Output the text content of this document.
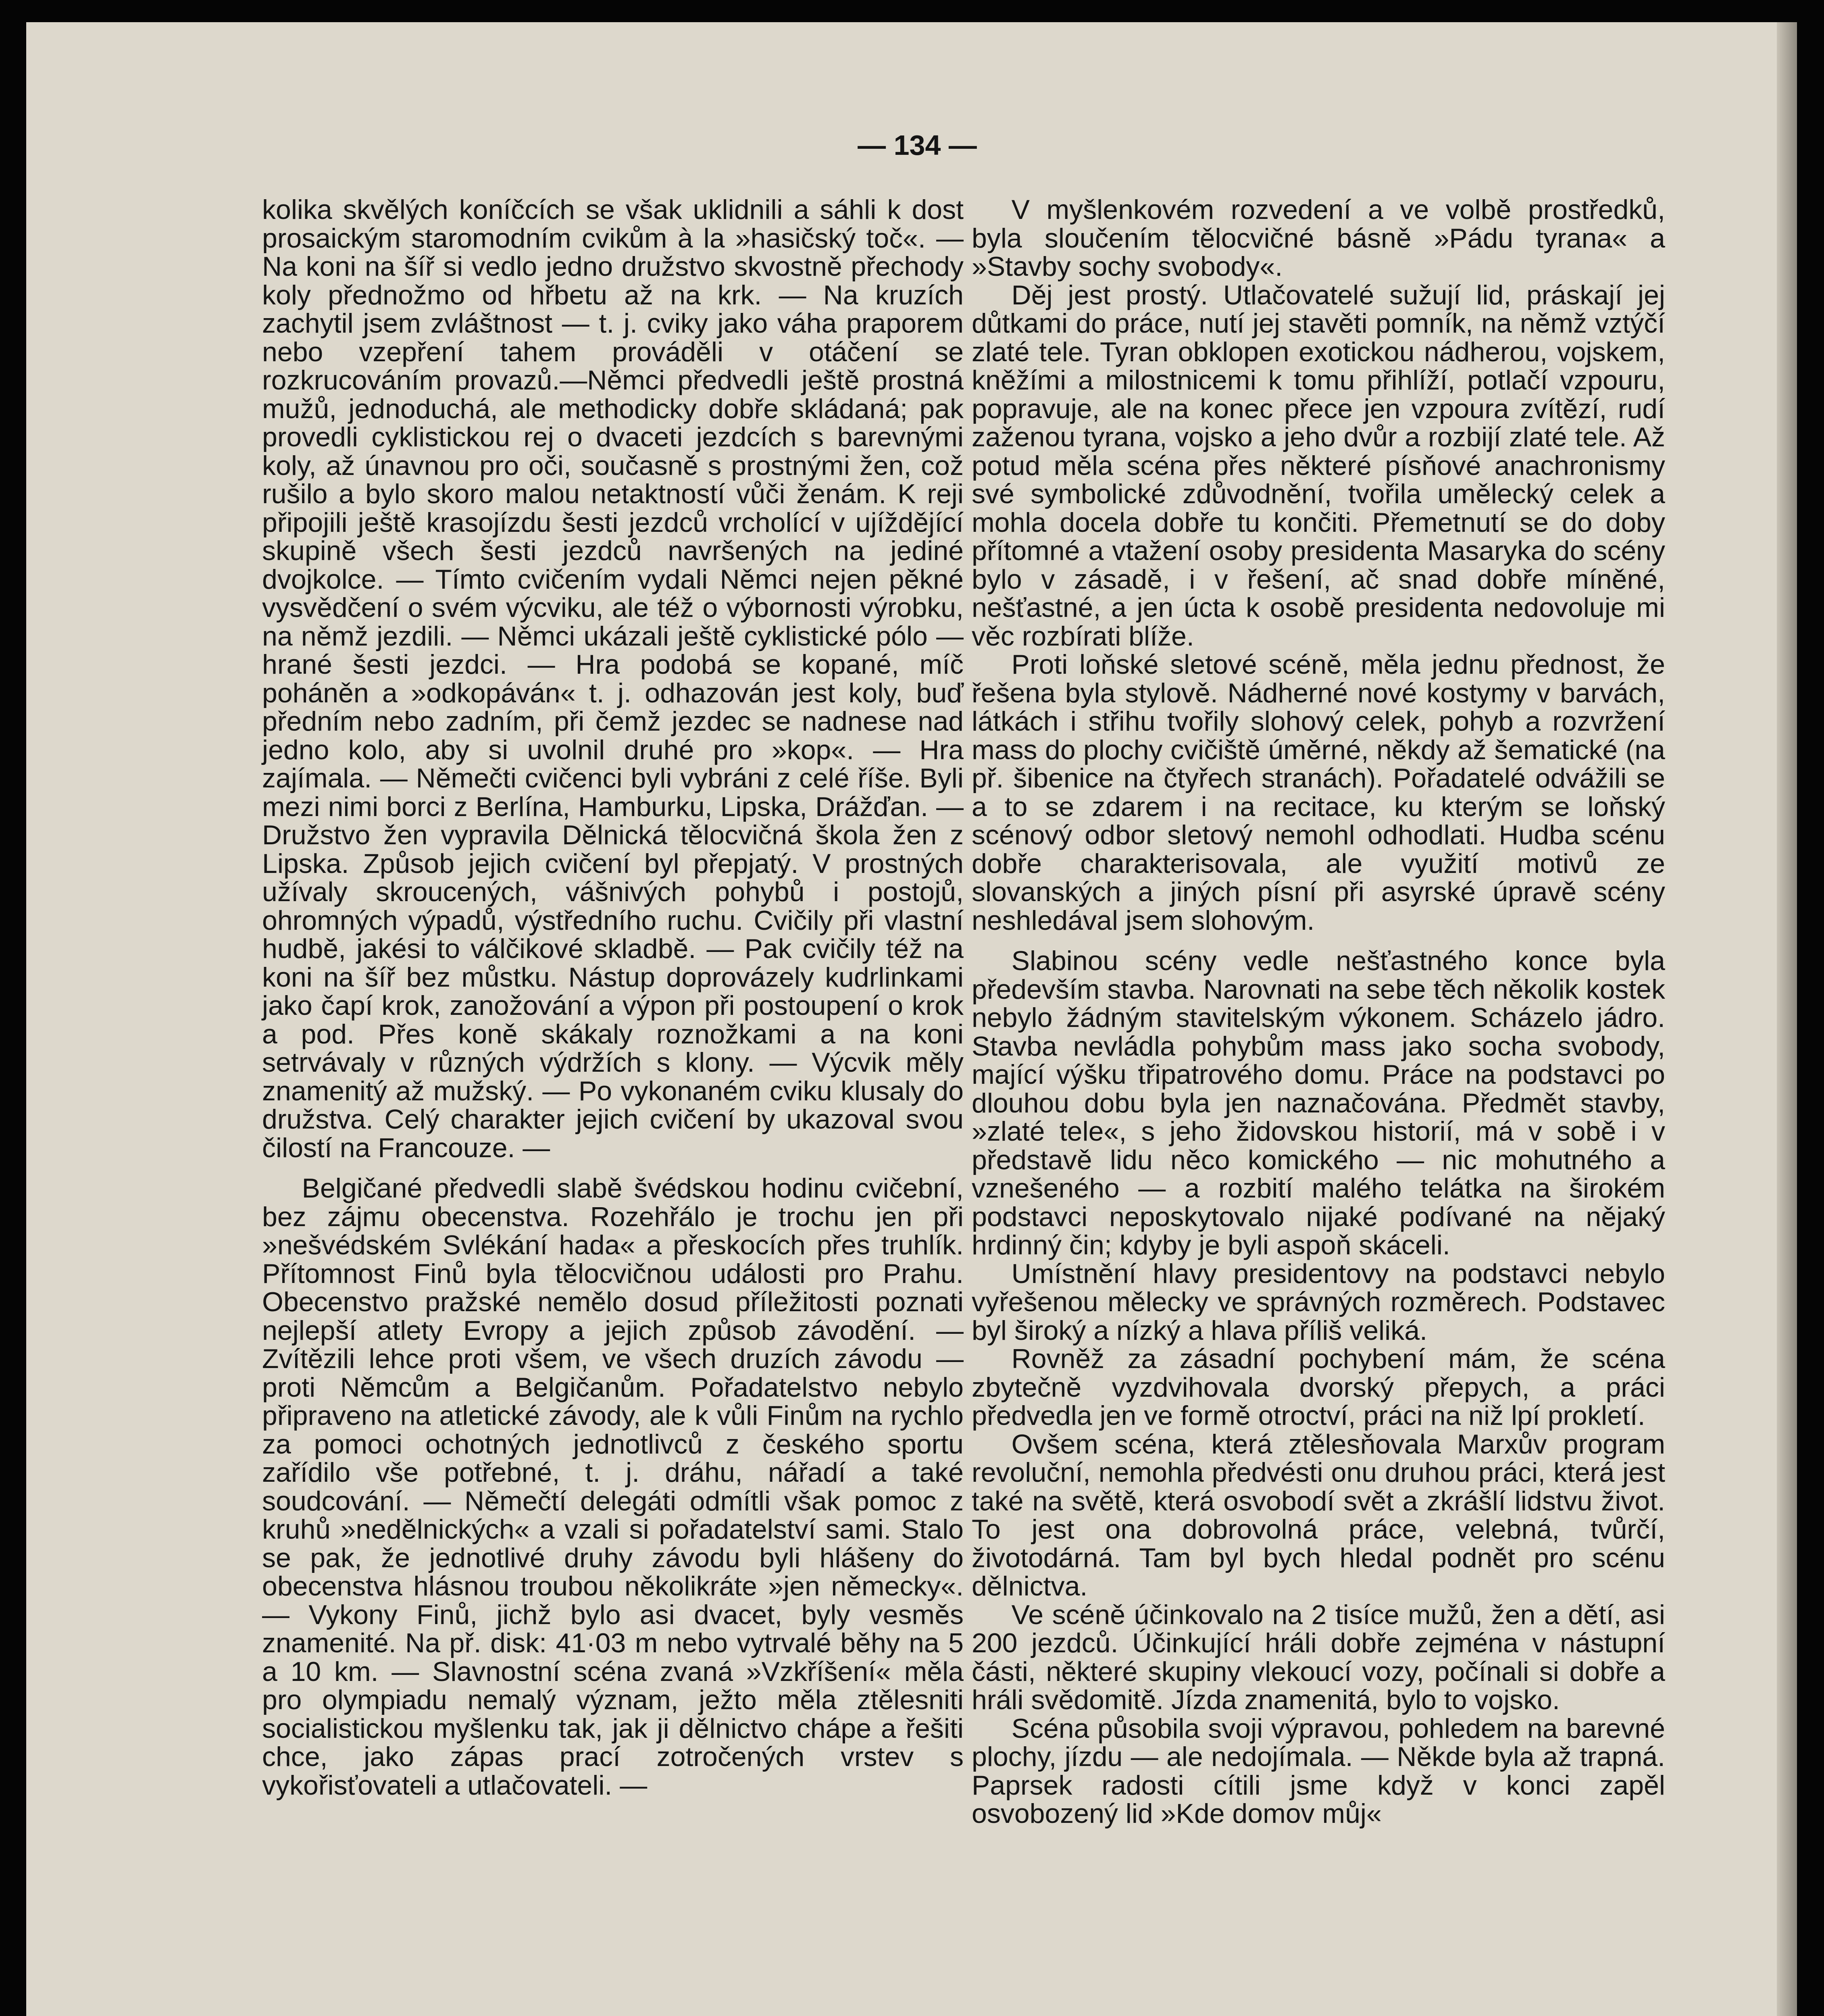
— 134 —

kolika skvělých koníčcích se však uklidnili a sáhli k dost prosaickým staromodním cvikům à la »hasičský toč«. — Na koni na šíř si vedlo jedno družstvo skvostně přechody koly přednožmo od hřbetu až na krk. — Na kruzích zachytil jsem zvláštnost — t. j. cviky jako váha praporem nebo vzepření tahem prováděli v otáčení se rozkrucováním provazů.—Němci předvedli ještě prostná mužů, jednoduchá, ale methodicky dobře skládaná; pak provedli cyklistickou rej o dvaceti jezdcích s barevnými koly, až únavnou pro oči, současně s prostnými žen, což rušilo a bylo skoro malou netaktností vůči ženám. K reji připojili ještě krasojízdu šesti jezdců vrcholící v ujíždějící skupině všech šesti jezdců navršených na jediné dvojkolce. — Tímto cvičením vydali Němci nejen pěkné vysvědčení o svém výcviku, ale též o výbornosti výrobku, na němž jezdili. — Němci ukázali ještě cyklistické pólo — hrané šesti jezdci. — Hra podobá se kopané, míč poháněn a »odkopáván« t. j. odhazován jest koly, buď předním nebo zadním, při čemž jezdec se nadnese nad jedno kolo, aby si uvolnil druhé pro »kop«. — Hra zajímala. — Němečti cvičenci byli vybráni z celé říše. Byli mezi nimi borci z Berlína, Hamburku, Lipska, Drážďan. — Družstvo žen vypravila Dělnická tělocvičná škola žen z Lipska. Způsob jejich cvičení byl přepjatý. V prostných užívaly skroucených, vášnivých pohybů i postojů, ohromných výpadů, výstředního ruchu. Cvičily při vlastní hudbě, jakési to válčikové skladbě. — Pak cvičily též na koni na šíř bez můstku. Nástup doprovázely kudrlinkami jako čapí krok, zanožování a výpon při postoupení o krok a pod. Přes koně skákaly roznožkami a na koni setrvávaly v různých výdržích s klony. — Výcvik měly znamenitý až mužský. — Po vykonaném cviku klusaly do družstva. Celý charakter jejich cvičení by ukazoval svou čilostí na Francouze. —

Belgičané předvedli slabě švédskou hodinu cvičební, bez zájmu obecenstva. Rozehřálo je trochu jen při »nešvédském Svlékání hada« a přeskocích přes truhlík. Přítomnost Finů byla tělocvičnou události pro Prahu. Obecenstvo pražské nemělo dosud příležitosti poznati nejlepší atlety Evropy a jejich způsob závodění. — Zvítězili lehce proti všem, ve všech druzích závodu — proti Němcům a Belgičanům. Pořadatelstvo nebylo připraveno na atletické závody, ale k vůli Finům na rychlo za pomoci ochotných jednotlivců z českého sportu zařídilo vše potřebné, t. j. dráhu, nářadí a také soudcování. — Němečtí delegáti odmítli však pomoc z kruhů »nedělnických« a vzali si pořadatelství sami. Stalo se pak, že jednotlivé druhy závodu byli hlášeny do obecenstva hlásnou troubou několikráte »jen německy«. — Vykony Finů, jichž bylo asi dvacet, byly vesměs znamenité. Na př. disk: 41·03 m nebo vytrvalé běhy na 5 a 10 km. — Slavnostní scéna zvaná »Vzkříšení« měla pro olympiadu nemalý význam, ježto měla ztělesniti socialistickou myšlenku tak, jak ji dělnictvo chápe a řešiti chce, jako zápas prací zotročených vrstev s vykořisťovateli a utlačovateli. —

V myšlenkovém rozvedení a ve volbě prostředků, byla sloučením tělocvičné básně »Pádu tyrana« a »Stavby sochy svobody«.

Děj jest prostý. Utlačovatelé sužují lid, práskají jej důtkami do práce, nutí jej stavěti pomník, na němž vztýčí zlaté tele. Tyran obklopen exotickou nádherou, vojskem, kněžími a milostnicemi k tomu přihlíží, potlačí vzpouru, popravuje, ale na konec přece jen vzpoura zvítězí, rudí zaženou tyrana, vojsko a jeho dvůr a rozbijí zlaté tele. Až potud měla scéna přes některé písňové anachronismy své symbolické zdůvodnění, tvořila umělecký celek a mohla docela dobře tu končiti. Přemetnutí se do doby přítomné a vtažení osoby presidenta Masaryka do scény bylo v zásadě, i v řešení, ač snad dobře míněné, nešťastné, a jen úcta k osobě presidenta nedovoluje mi věc rozbírati blíže.

Proti loňské sletové scéně, měla jednu přednost, že řešena byla stylově. Nádherné nové kostymy v barvách, látkách i střihu tvořily slohový celek, pohyb a rozvržení mass do plochy cvičiště úměrné, někdy až šematické (na př. šibenice na čtyřech stranách). Pořadatelé odvážili se a to se zdarem i na recitace, ku kterým se loňský scénový odbor sletový nemohl odhodlati. Hudba scénu dobře charakterisovala, ale využití motivů ze slovanských a jiných písní při asyrské úpravě scény neshledával jsem slohovým.

Slabinou scény vedle nešťastného konce byla především stavba. Narovnati na sebe těch několik kostek nebylo žádným stavitelským výkonem. Scházelo jádro. Stavba nevládla pohybům mass jako socha svobody, mající výšku třipatrového domu. Práce na podstavci po dlouhou dobu byla jen naznačována. Předmět stavby, »zlaté tele«, s jeho židovskou historií, má v sobě i v představě lidu něco komického — nic mohutného a vznešeného — a rozbití malého telátka na širokém podstavci neposkytovalo nijaké podívané na nějaký hrdinný čin; kdyby je byli aspoň skáceli.

Umístnění hlavy presidentovy na podstavci nebylo vyřešenou mělecky ve správných rozměrech. Podstavec byl široký a nízký a hlava příliš veliká.

Rovněž za zásadní pochybení mám, že scéna zbytečně vyzdvihovala dvorský přepych, a práci předvedla jen ve formě otroctví, práci na niž lpí prokletí.

Ovšem scéna, která ztělesňovala Marxův program revoluční, nemohla předvésti onu druhou práci, která jest také na světě, která osvobodí svět a zkrášlí lidstvu život. To jest ona dobrovolná práce, velebná, tvůrčí, životodárná. Tam byl bych hledal podnět pro scénu dělnictva.

Ve scéně účinkovalo na 2 tisíce mužů, žen a dětí, asi 200 jezdců. Účinkující hráli dobře zejména v nástupní části, některé skupiny vlekoucí vozy, počínali si dobře a hráli svědomitě. Jízda znamenitá, bylo to vojsko.

Scéna působila svoji výpravou, pohledem na barevné plochy, jízdu — ale nedojímala. — Někde byla až trapná. Paprsek radosti cítili jsme když v konci zapěl osvobozený lid »Kde domov můj«
